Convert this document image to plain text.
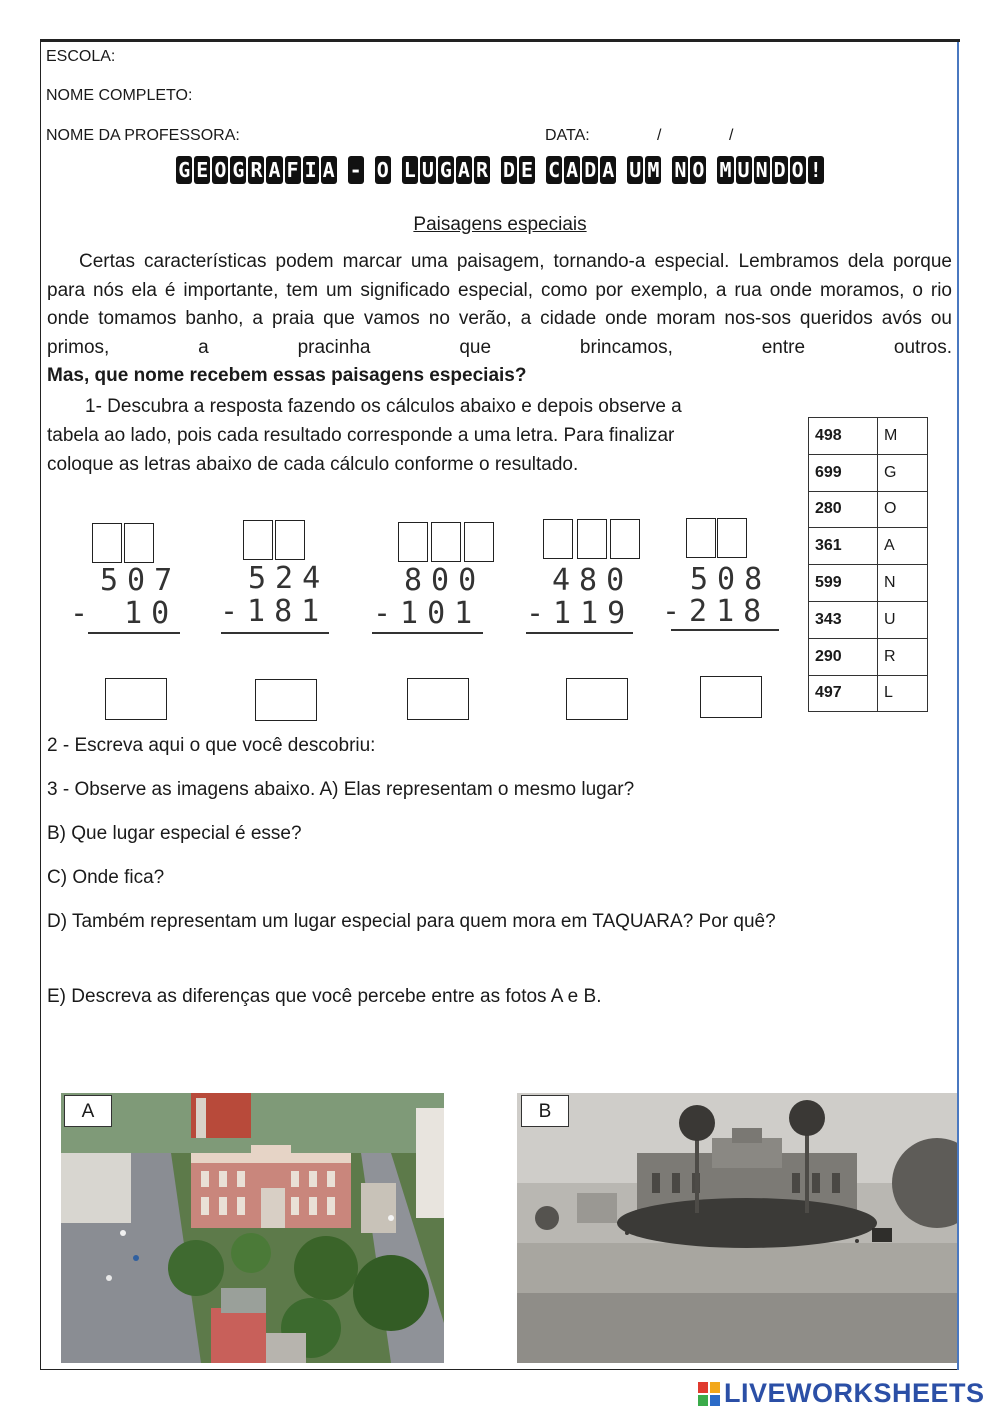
ESCOLA:
NOME COMPLETO:
NOME DA PROFESSORA:	DATA:	/	/
G E O G R A F I A - O L U G A R D E C A D A U M N O M U N D O !
Paisagens especiais

Certas características podem marcar uma paisagem, tornando-a especial. Lembramos dela porque para nós ela é importante, tem um significado especial, como por exemplo, a rua onde moramos, o rio onde tomamos banho, a praia que vamos no verão, a cidade onde moram nos-sos queridos avós ou primos, a pracinha que brincamos, entre outros.

Mas, que nome recebem essas paisagens especiais?
1- Descubra a resposta fazendo os cálculos abaixo e depois observe a
tabela ao lado, pois cada resultado corresponde a uma letra. Para finalizar
coloque as letras abaixo de cada cálculo conforme o resultado.
498	M
699	G
280	O
361	A
599	N
343	U
290	R
497	L
507
- 10
524
-181
800
-101
480
-119
508
-218
2 - Escreva aqui o que você descobriu:
3 - Observe as imagens abaixo. A) Elas representam o mesmo lugar?
B) Que lugar especial é esse?
C) Onde fica?
D) Também representam um lugar especial para quem mora em TAQUARA? Por quê?
E) Descreva as diferenças que você percebe entre as fotos A e B.
A	B
LIVEWORKSHEETS
